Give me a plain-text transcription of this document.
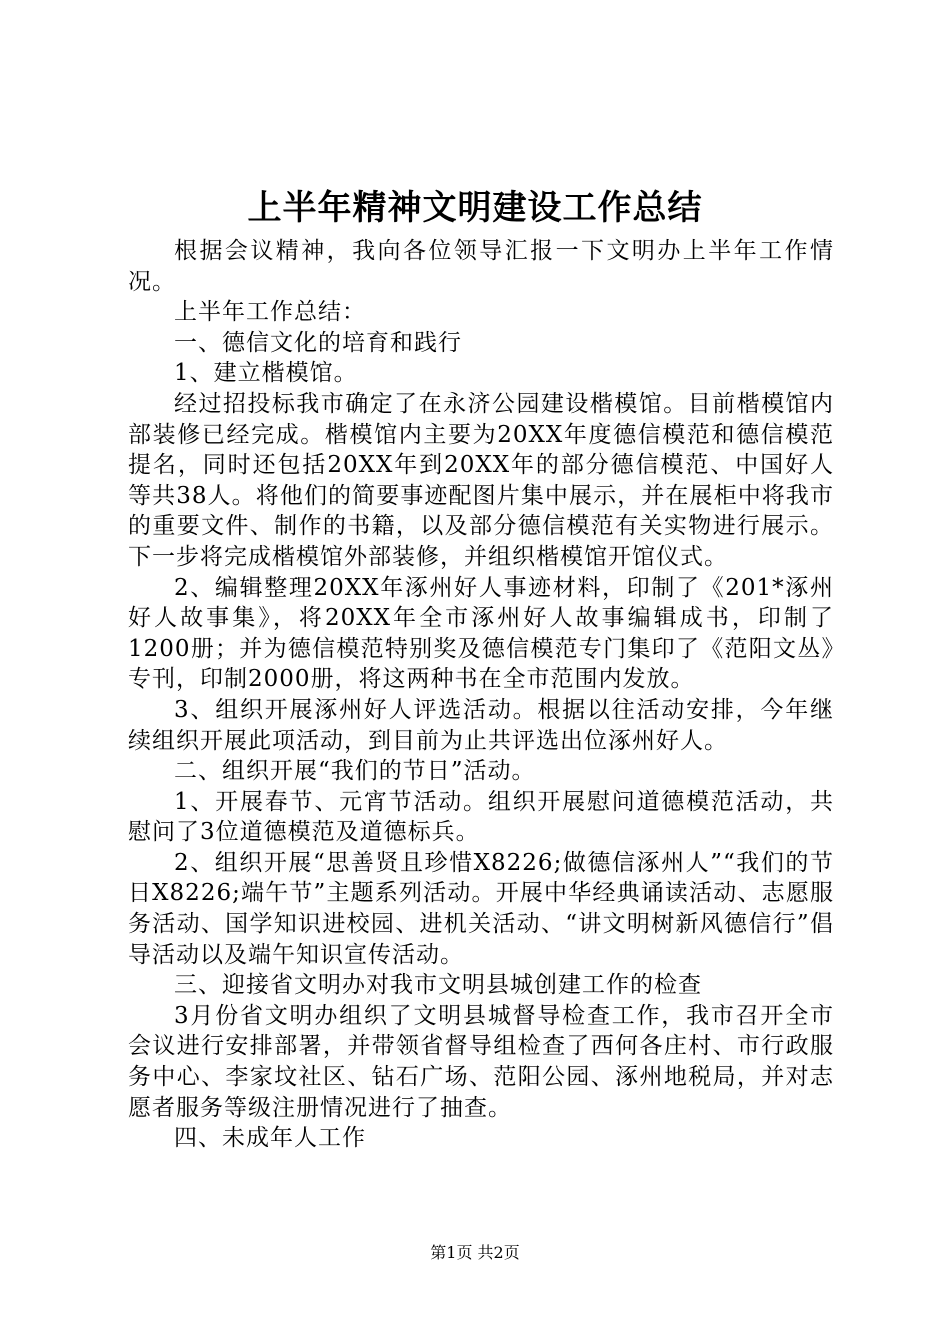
上半年精神文明建设工作总结

根据会议精神，我向各位领导汇报一下文明办上半年工作情况。

上半年工作总结：

一、德信文化的培育和践行

1、建立楷模馆。

经过招投标我市确定了在永济公园建设楷模馆。目前楷模馆内部装修已经完成。楷模馆内主要为20XX年度德信模范和德信模范提名，同时还包括20XX年到20XX年的部分德信模范、中国好人等共38人。将他们的简要事迹配图片集中展示，并在展柜中将我市的重要文件、制作的书籍，以及部分德信模范有关实物进行展示。下一步将完成楷模馆外部装修，并组织楷模馆开馆仪式。

2、编辑整理20XX年涿州好人事迹材料，印制了《201*涿州好人故事集》，将20XX年全市涿州好人故事编辑成书，印制了1200册；并为德信模范特别奖及德信模范专门集印了《范阳文丛》专刊，印制2000册，将这两种书在全市范围内发放。

3、组织开展涿州好人评选活动。根据以往活动安排，今年继续组织开展此项活动，到目前为止共评选出位涿州好人。

二、组织开展“我们的节日”活动。

1、开展春节、元宵节活动。组织开展慰问道德模范活动，共慰问了3位道德模范及道德标兵。

2、组织开展“思善贤且珍惜X8226;做德信涿州人”“我们的节日X8226;端午节”主题系列活动。开展中华经典诵读活动、志愿服务活动、国学知识进校园、进机关活动、“讲文明树新风德信行”倡导活动以及端午知识宣传活动。

三、迎接省文明办对我市文明县城创建工作的检查

3月份省文明办组织了文明县城督导检查工作，我市召开全市会议进行安排部署，并带领省督导组检查了西何各庄村、市行政服务中心、李家坟社区、钻石广场、范阳公园、涿州地税局，并对志愿者服务等级注册情况进行了抽查。

四、未成年人工作

第1页 共2页
